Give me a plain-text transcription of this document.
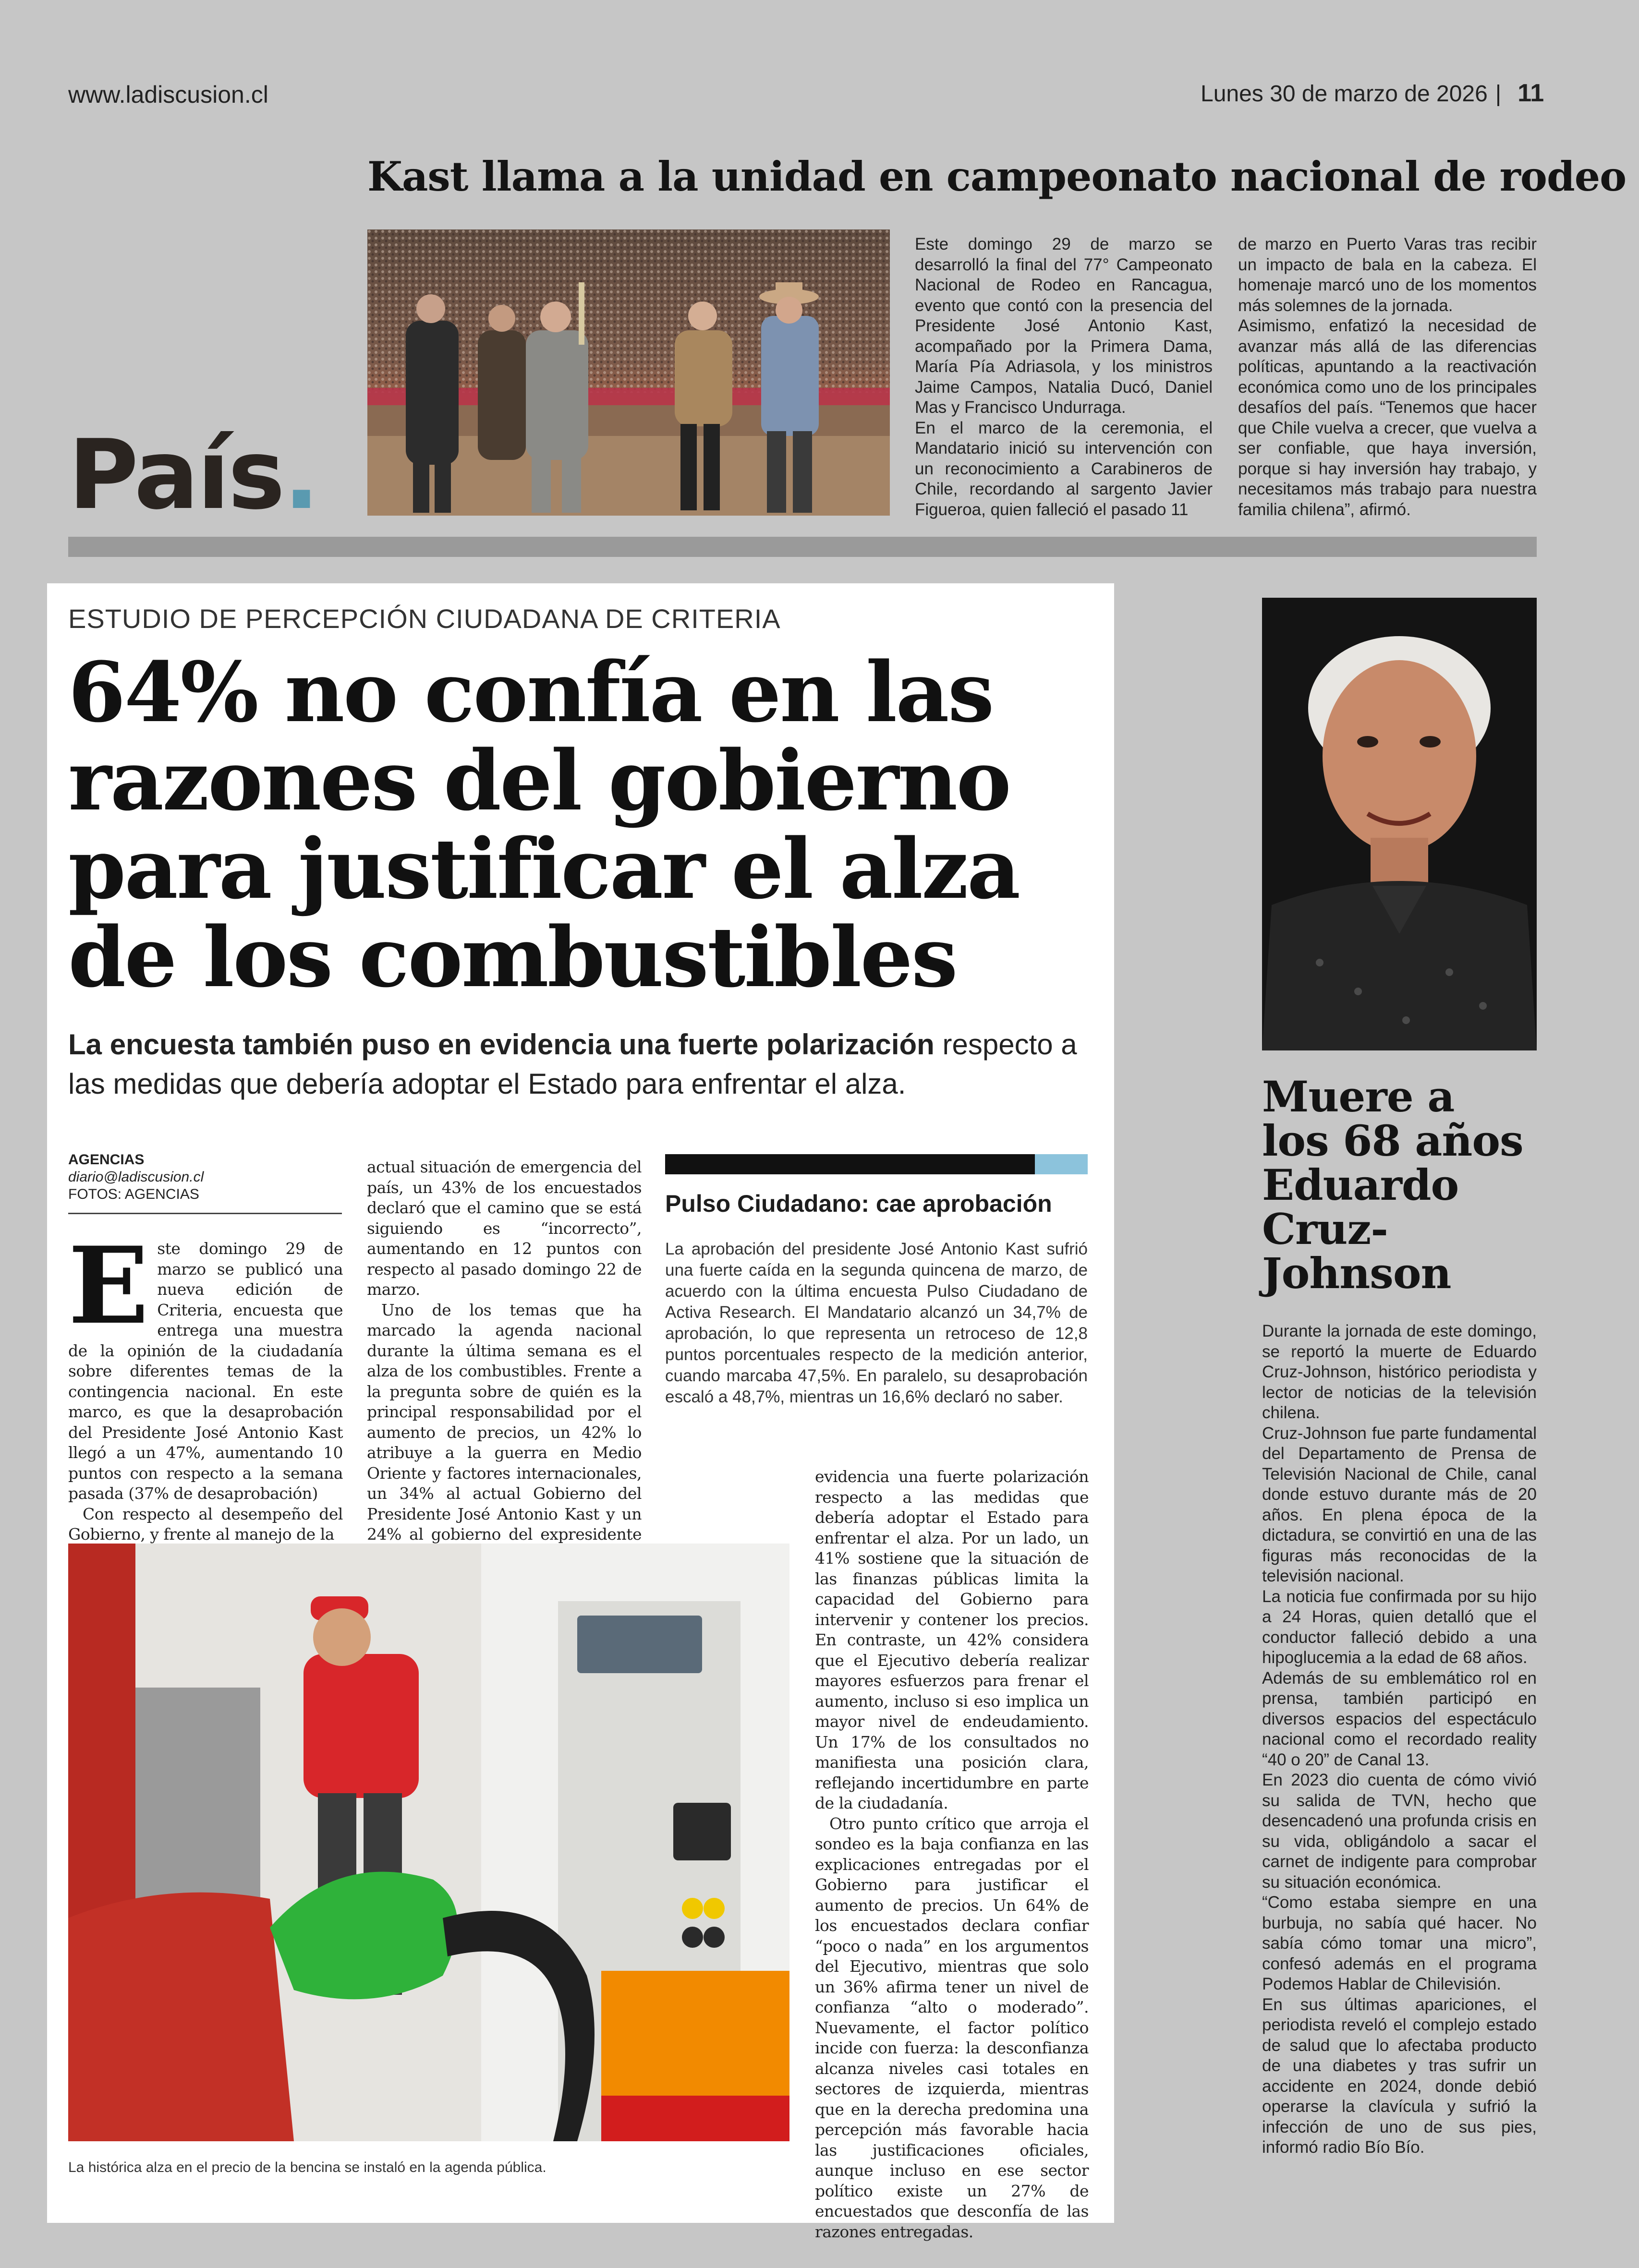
www.ladiscusion.cl	Lunes 30 de marzo de 2026 | 11
Kast llama a la unidad en campeonato nacional de rodeo
País.

Este domingo 29 de marzo se desarrolló la final del 77° Campeonato Nacional de Rodeo en Rancagua, evento que contó con la presencia del Presidente José Antonio Kast, acompañado por la Primera Dama, María Pía Adriasola, y los ministros Jaime Campos, Natalia Ducó, Daniel Mas y Francisco Undurraga.

En el marco de la ceremonia, el Mandatario inició su intervención con un reconocimiento a Carabineros de Chile, recordando al sargento Javier Figueroa, quien falleció el pasado 11

de marzo en Puerto Varas tras recibir un impacto de bala en la cabeza. El homenaje marcó uno de los momentos más solemnes de la jornada.

Asimismo, enfatizó la necesidad de avanzar más allá de las diferencias políticas, apuntando a la reactivación económica como uno de los principales desafíos del país. “Tenemos que hacer que Chile vuelva a crecer, que vuelva a ser confiable, que haya inversión, porque si hay inversión hay trabajo, y necesitamos más trabajo para nuestra familia chilena”, afirmó.

ESTUDIO DE PERCEPCIÓN CIUDADANA DE CRITERIA
64% no confía en las razones del gobierno para justificar el alza de los combustibles
La encuesta también puso en evidencia una fuerte polarización respecto a las medidas que debería adoptar el Estado para enfrentar el alza.
AGENCIAS
diario@ladiscusion.cl
FOTOS: AGENCIAS

Este domingo 29 de marzo se publicó una nueva edición de Criteria, encuesta que entrega una muestra de la opinión de la ciudadanía sobre diferentes temas de la contingencia nacional. En este marco, es que la desaprobación del Presidente José Antonio Kast llegó a un 47%, aumentando 10 puntos con respecto a la semana pasada (37% de desaprobación)

Con respecto al desempeño del Gobierno, y frente al manejo de la

actual situación de emergencia del país, un 43% de los encuestados declaró que el camino que se está siguiendo es “incorrecto”, aumentando en 12 puntos con respecto al pasado domingo 22 de marzo.

Uno de los temas que ha marcado la agenda nacional durante la última semana es el alza de los combustibles. Frente a la pregunta sobre de quién es la principal responsabilidad por el aumento de precios, un 42% lo atribuye a la guerra en Medio Oriente y factores internacionales, un 34% al actual Gobierno del Presidente José Antonio Kast y un 24% al gobierno del expresidente

Pulso Ciudadano: cae aprobación
La aprobación del presidente José Antonio Kast sufrió una fuerte caída en la segunda quincena de marzo, de acuerdo con la última encuesta Pulso Ciudadano de Activa Research. El Mandatario alcanzó un 34,7% de aprobación, lo que representa un retroceso de 12,8 puntos porcentuales respecto de la medición anterior, cuando marcaba 47,5%. En paralelo, su desaprobación escaló a 48,7%, mientras un 16,6% declaró no saber.

evidencia una fuerte polarización respecto a las medidas que debería adoptar el Estado para enfrentar el alza. Por un lado, un 41% sostiene que la situación de las finanzas públicas limita la capacidad del Gobierno para intervenir y contener los precios. En contraste, un 42% considera que el Ejecutivo debería realizar mayores esfuerzos para frenar el aumento, incluso si eso implica un mayor nivel de endeudamiento. Un 17% de los consultados no manifiesta una posición clara, reflejando incertidumbre en parte de la ciudadanía.

Otro punto crítico que arroja el sondeo es la baja confianza en las explicaciones entregadas por el Gobierno para justificar el aumento de precios. Un 64% de los encuestados declara confiar “poco o nada” en los argumentos del Ejecutivo, mientras que solo un 36% afirma tener un nivel de confianza “alto o moderado”. Nuevamente, el factor político incide con fuerza: la desconfianza alcanza niveles casi totales en sectores de izquierda, mientras que en la derecha predomina una percepción más favorable hacia las justificaciones oficiales, aunque incluso en ese sector político existe un 27% de encuestados que desconfía de las razones entregadas.

La histórica alza en el precio de la bencina se instaló en la agenda pública.
Muere a los 68 años Eduardo Cruz-Johnson

Durante la jornada de este domingo, se reportó la muerte de Eduardo Cruz-Johnson, histórico periodista y lector de noticias de la televisión chilena.

Cruz-Johnson fue parte fundamental del Departamento de Prensa de Televisión Nacional de Chile, canal donde estuvo durante más de 20 años. En plena época de la dictadura, se convirtió en una de las figuras más reconocidas de la televisión nacional.

La noticia fue confirmada por su hijo a 24 Horas, quien detalló que el conductor falleció debido a una hipoglucemia a la edad de 68 años.

Además de su emblemático rol en prensa, también participó en diversos espacios del espectáculo nacional como el recordado reality “40 o 20” de Canal 13.

En 2023 dio cuenta de cómo vivió su salida de TVN, hecho que desencadenó una profunda crisis en su vida, obligándolo a sacar el carnet de indigente para comprobar su situación económica.

“Como estaba siempre en una burbuja, no sabía qué hacer. No sabía cómo tomar una micro”, confesó además en el programa Podemos Hablar de Chilevisión.

En sus últimas apariciones, el periodista reveló el complejo estado de salud que lo afectaba producto de una diabetes y tras sufrir un accidente en 2024, donde debió operarse la clavícula y sufrió la infección de uno de sus pies, informó radio Bío Bío.
